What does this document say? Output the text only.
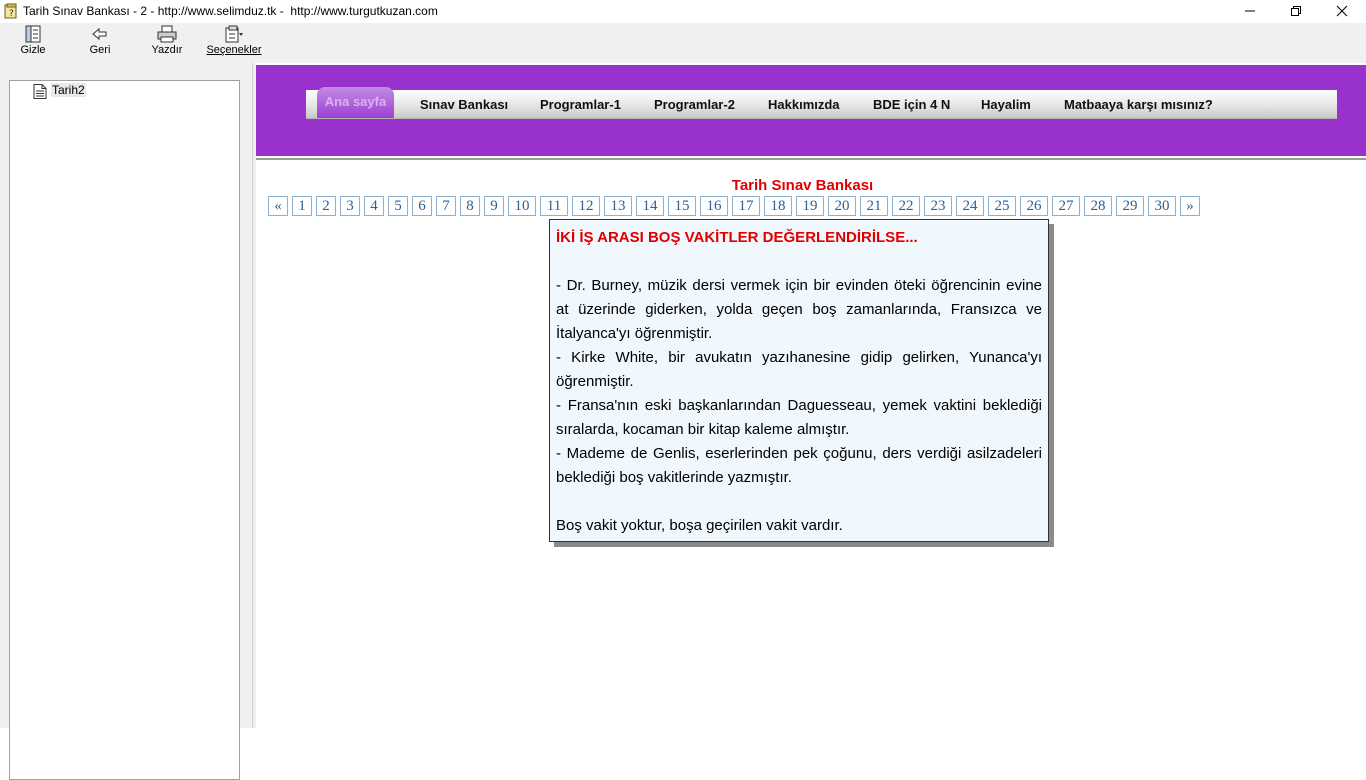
? Tarih Sınav Bankası - 2 - http://www.selimduz.tk -  http://www.turgutkuzan.com
Gizle	Geri	Yazdır	Seçenekler
Tarih2
Ana sayfa	Sınav Bankası Programlar-1	Programlar-2	Hakkımızda	BDE için 4 N Hayalim	Matbaaya karşı mısınız?
Tarih Sınav Bankası
«	1	2	3	4	5	6	7	8	9	10	11	12	13	14	15	16	17	18	19	20	21	22	23	24	25	26	27	28	29	30	»
İKİ İŞ ARASI BOŞ VAKİTLER DEĞERLENDİRİLSE...
- Dr. Burney, müzik dersi vermek için bir evinden öteki öğrencinin evine at üzerinde giderken, yolda geçen boş zamanlarında, Fransızca ve İtalyanca'yı öğrenmiştir.
- Kirke White, bir avukatın yazıhanesine gidip gelirken, Yunanca'yı öğrenmiştir.
- Fransa'nın eski başkanlarından Daguesseau, yemek vaktini beklediği sıralarda, kocaman bir kitap kaleme almıştır.
- Mademe de Genlis, eserlerinden pek çoğunu, ders verdiği asilzadeleri beklediği boş vakitlerinde yazmıştır.
Boş vakit yoktur, boşa geçirilen vakit vardır.
